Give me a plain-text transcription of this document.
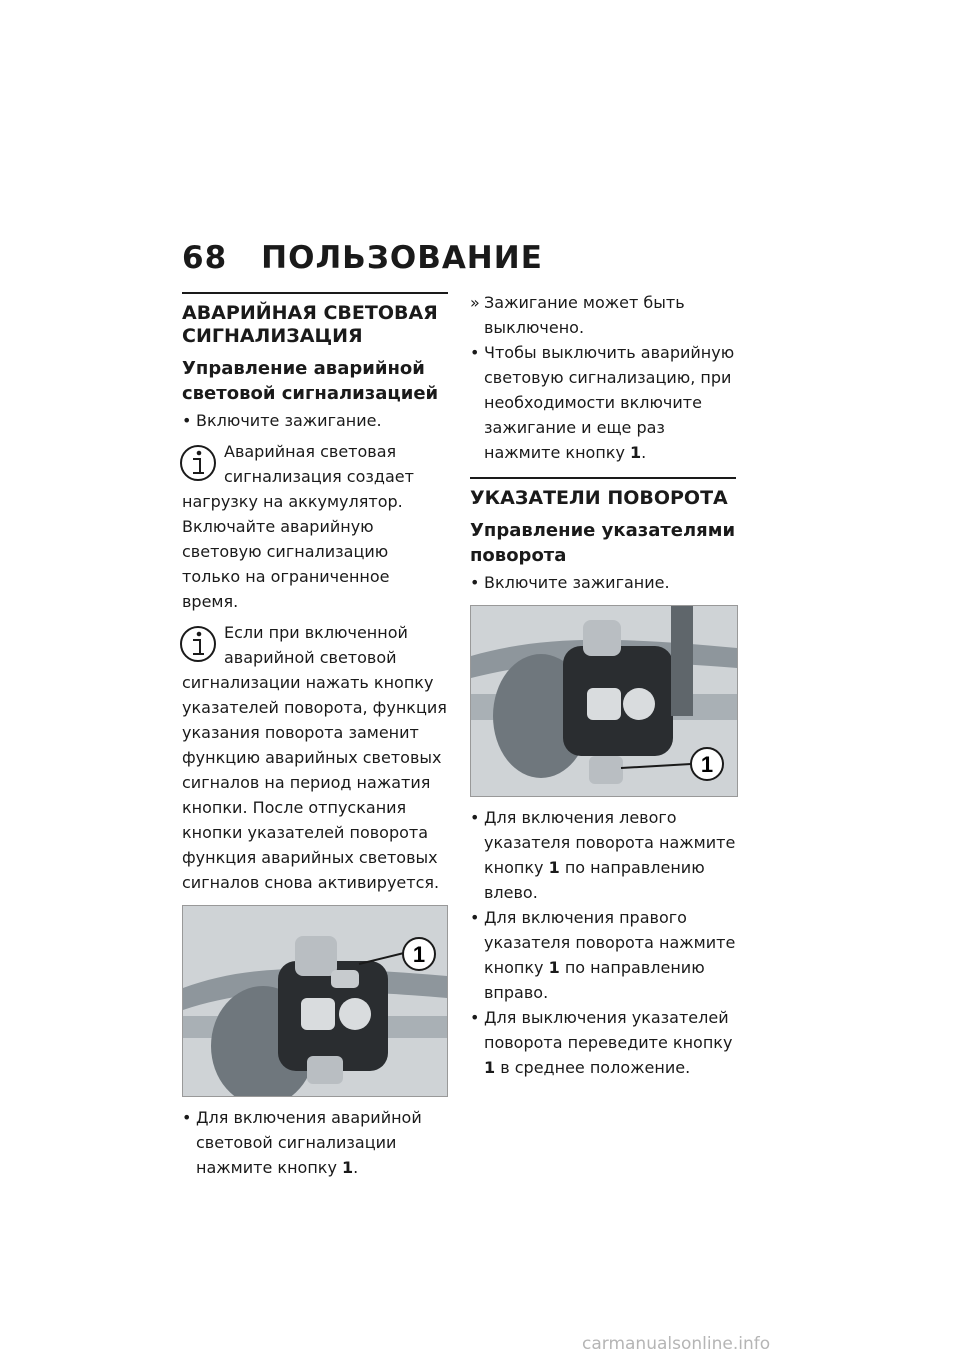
68 ПОЛЬЗОВАНИЕ
АВАРИЙНАЯ СВЕТОВАЯ СИГНАЛИЗАЦИЯ
Управление аварийной световой сигнализацией
• Включите зажигание.
Аварийная световая сигнализация создает нагрузку на аккумулятор. Включайте аварийную световую сигнализацию только на ограниченное время.
Если при включенной аварийной световой сигнализации нажать кнопку указателей поворота, функция указания поворота заменит функцию аварийных световых сигналов на период нажатия кнопки. После отпускания кнопки указателей поворота функция аварийных световых сигналов снова активируется.
1
• Для включения аварийной световой сигнализации нажмите кнопку 1.
» Зажигание может быть выключено.
• Чтобы выключить аварийную световую сигнализацию, при необходимости включите зажигание и еще раз нажмите кнопку 1.
УКАЗАТЕЛИ ПОВОРОТА
Управление указателями поворота
• Включите зажигание.
1
• Для включения левого указателя поворота нажмите кнопку 1 по направлению влево.
• Для включения правого указателя поворота нажмите кнопку 1 по направлению вправо.
• Для выключения указателей поворота переведите кнопку 1 в среднее положение.
carmanualsonline.info
